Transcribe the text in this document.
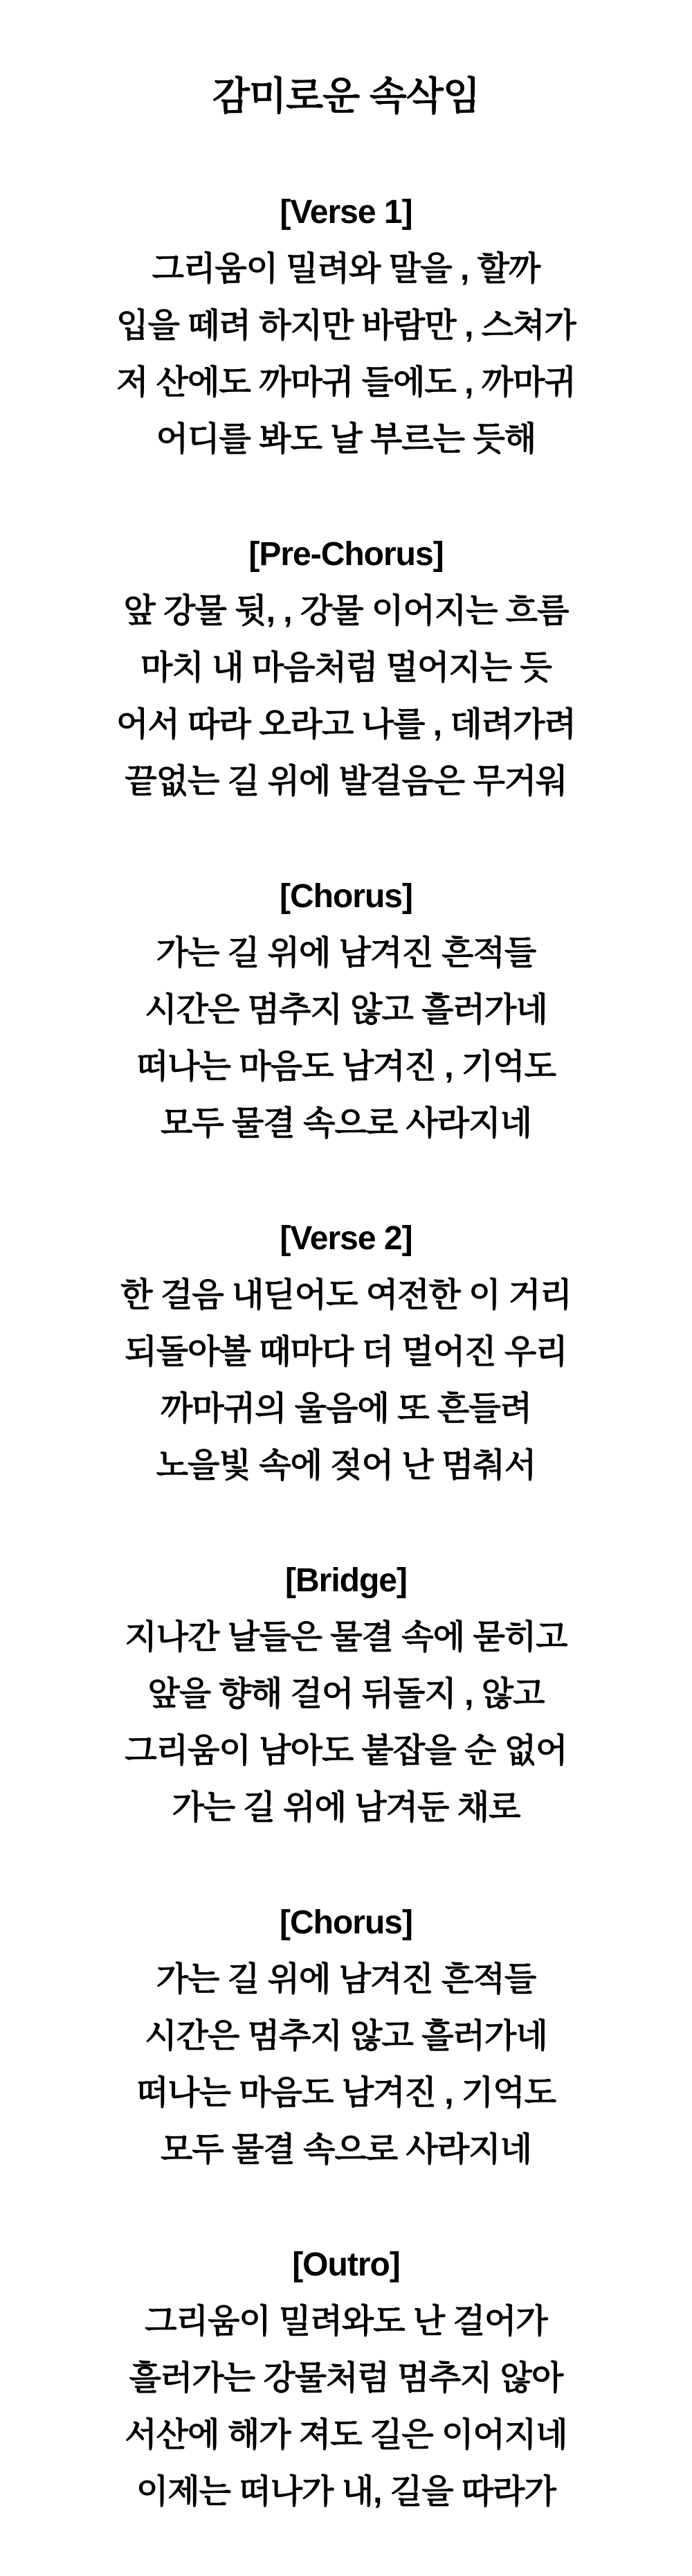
감미로운 속삭임
[Verse 1]
그리움이 밀려와 말을 , 할까
입을 떼려 하지만 바람만 , 스쳐가
저 산에도 까마귀 들에도 , 까마귀
어디를 봐도 날 부르는 듯해
[Pre-Chorus]
앞 강물 뒷, , 강물 이어지는 흐름
마치 내 마음처럼 멀어지는 듯
어서 따라 오라고 나를 , 데려가려
끝없는 길 위에 발걸음은 무거워
[Chorus]
가는 길 위에 남겨진 흔적들
시간은 멈추지 않고 흘러가네
떠나는 마음도 남겨진 , 기억도
모두 물결 속으로 사라지네
[Verse 2]
한 걸음 내딛어도 여전한 이 거리
되돌아볼 때마다 더 멀어진 우리
까마귀의 울음에 또 흔들려
노을빛 속에 젖어 난 멈춰서
[Bridge]
지나간 날들은 물결 속에 묻히고
앞을 향해 걸어 뒤돌지 , 않고
그리움이 남아도 붙잡을 순 없어
가는 길 위에 남겨둔 채로
[Chorus]
가는 길 위에 남겨진 흔적들
시간은 멈추지 않고 흘러가네
떠나는 마음도 남겨진 , 기억도
모두 물결 속으로 사라지네
[Outro]
그리움이 밀려와도 난 걸어가
흘러가는 강물처럼 멈추지 않아
서산에 해가 져도 길은 이어지네
이제는 떠나가 내, 길을 따라가
